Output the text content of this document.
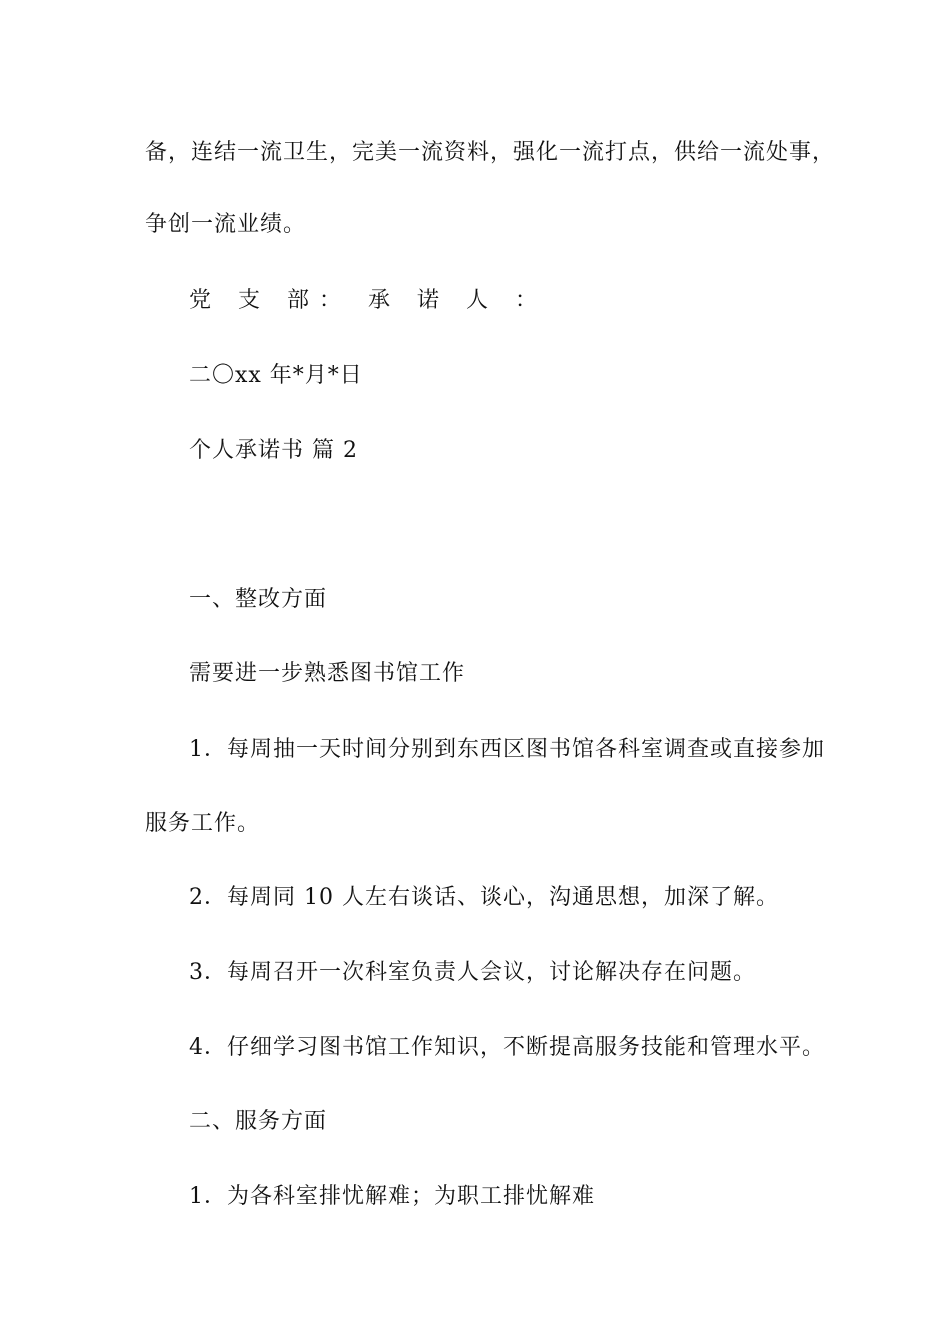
备，连结一流卫生，完美一流资料，强化一流打点，供给一流处事，
争创一流业绩。
党 支 部： 承 诺 人 ：
二〇xx 年*月*日
个人承诺书 篇 2
一、整改方面
需要进一步熟悉图书馆工作
1．每周抽一天时间分别到东西区图书馆各科室调查或直接参加
服务工作。
2．每周同 10 人左右谈话、谈心，沟通思想，加深了解。
3．每周召开一次科室负责人会议，讨论解决存在问题。
4．仔细学习图书馆工作知识，不断提高服务技能和管理水平。
二、服务方面
1．为各科室排忧解难；为职工排忧解难
